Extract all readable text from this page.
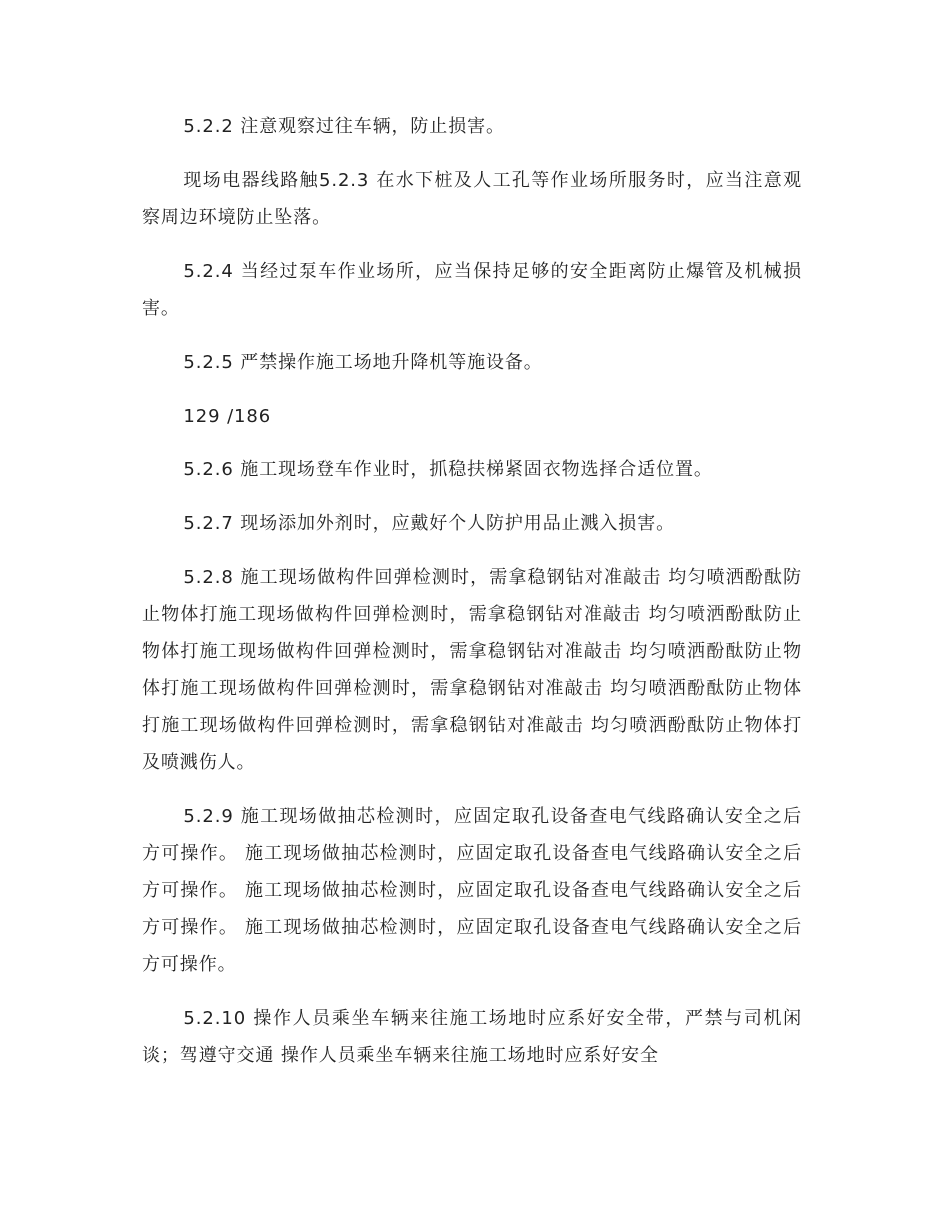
5.2.2 注意观察过往车辆，防止损害。

现场电器线路触5.2.3 在水下桩及人工孔等作业场所服务时，应当注意观察周边环境防止坠落。

5.2.4 当经过泵车作业场所，应当保持足够的安全距离防止爆管及机械损害。

5.2.5 严禁操作施工场地升降机等施设备。

129 /186

5.2.6 施工现场登车作业时，抓稳扶梯紧固衣物选择合适位置。

5.2.7 现场添加外剂时，应戴好个人防护用品止溅入损害。

5.2.8 施工现场做构件回弹检测时，需拿稳钢钻对准敲击 均匀喷洒酚酞防止物体打施工现场做构件回弹检测时，需拿稳钢钻对准敲击 均匀喷洒酚酞防止物体打施工现场做构件回弹检测时，需拿稳钢钻对准敲击 均匀喷洒酚酞防止物体打施工现场做构件回弹检测时，需拿稳钢钻对准敲击 均匀喷洒酚酞防止物体打施工现场做构件回弹检测时，需拿稳钢钻对准敲击 均匀喷洒酚酞防止物体打及喷溅伤人。

5.2.9 施工现场做抽芯检测时，应固定取孔设备查电气线路确认安全之后方可操作。 施工现场做抽芯检测时，应固定取孔设备查电气线路确认安全之后方可操作。 施工现场做抽芯检测时，应固定取孔设备查电气线路确认安全之后方可操作。 施工现场做抽芯检测时，应固定取孔设备查电气线路确认安全之后方可操作。

5.2.10 操作人员乘坐车辆来往施工场地时应系好安全带，严禁与司机闲谈；驾遵守交通 操作人员乘坐车辆来往施工场地时应系好安全
